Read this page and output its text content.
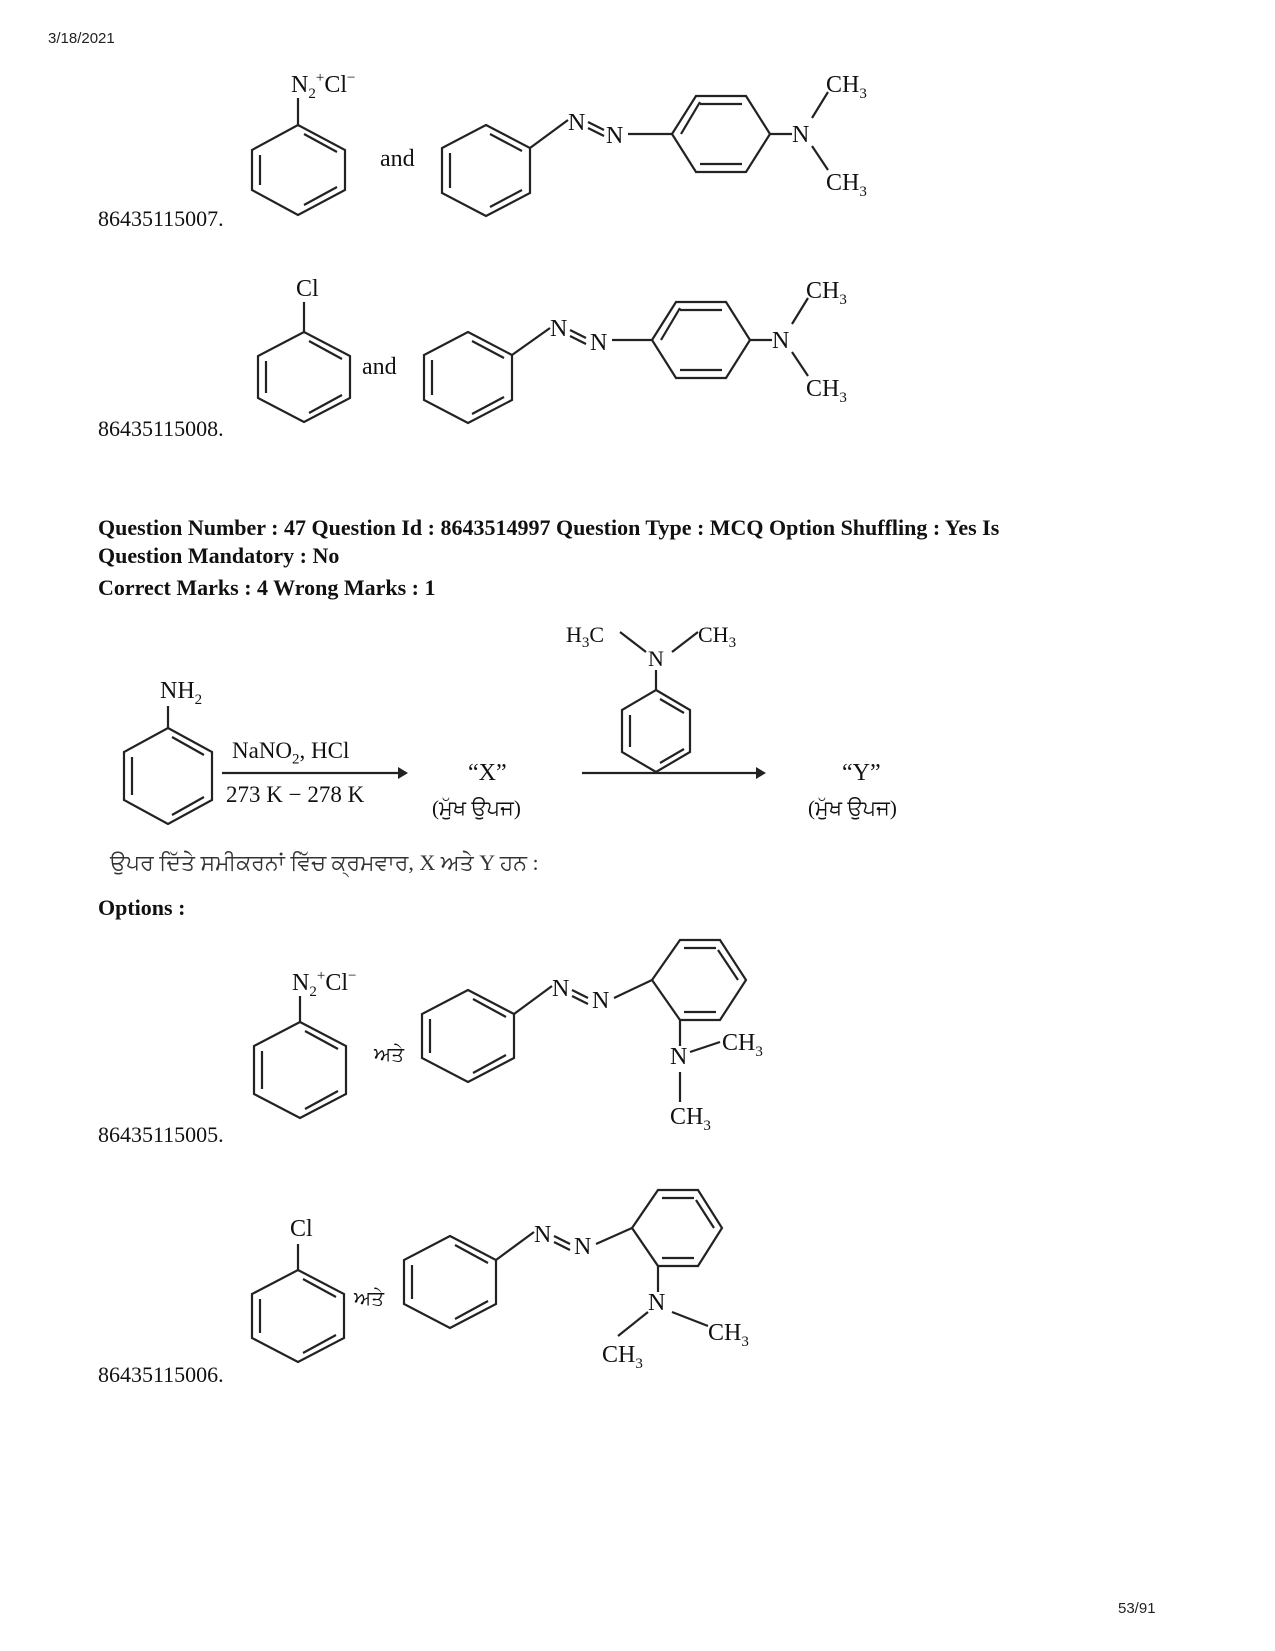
3/18/2021
53/91
86435115007.
$N_2^+Cl^-$
and
N N	N
$CH_3$
$CH_3$
86435115008.
Cl
and
N
N	N
$CH_3$
$CH_3$
Question Number : 47 Question Id : 8643514997 Question Type : MCQ Option Shuffling : Yes Is
Question Mandatory : No
Correct Marks : 4 Wrong Marks : 1
$NH_2$
$H_3C$
N
$CH_3$
NaNO$_2$, HCl
273 K − 278 K
“X”
(ਮੁੱਖ ਉਪਜ)
“Y”
(ਮੁੱਖ ਉਪਜ)
ਉਪਰ ਦਿੱਤੇ ਸਮੀਕਰਨਾਂ ਵਿੱਚ ਕ੍ਰਮਵਾਰ, X ਅਤੇ Y ਹਨ :
Options :
86435115005.
$N_2^+Cl^-$
ਅਤੇ
N N
N
$CH_3$
$CH_3$
86435115006.
Cl
ਅਤੇ
N N
N
$CH_3$
$CH_3$
